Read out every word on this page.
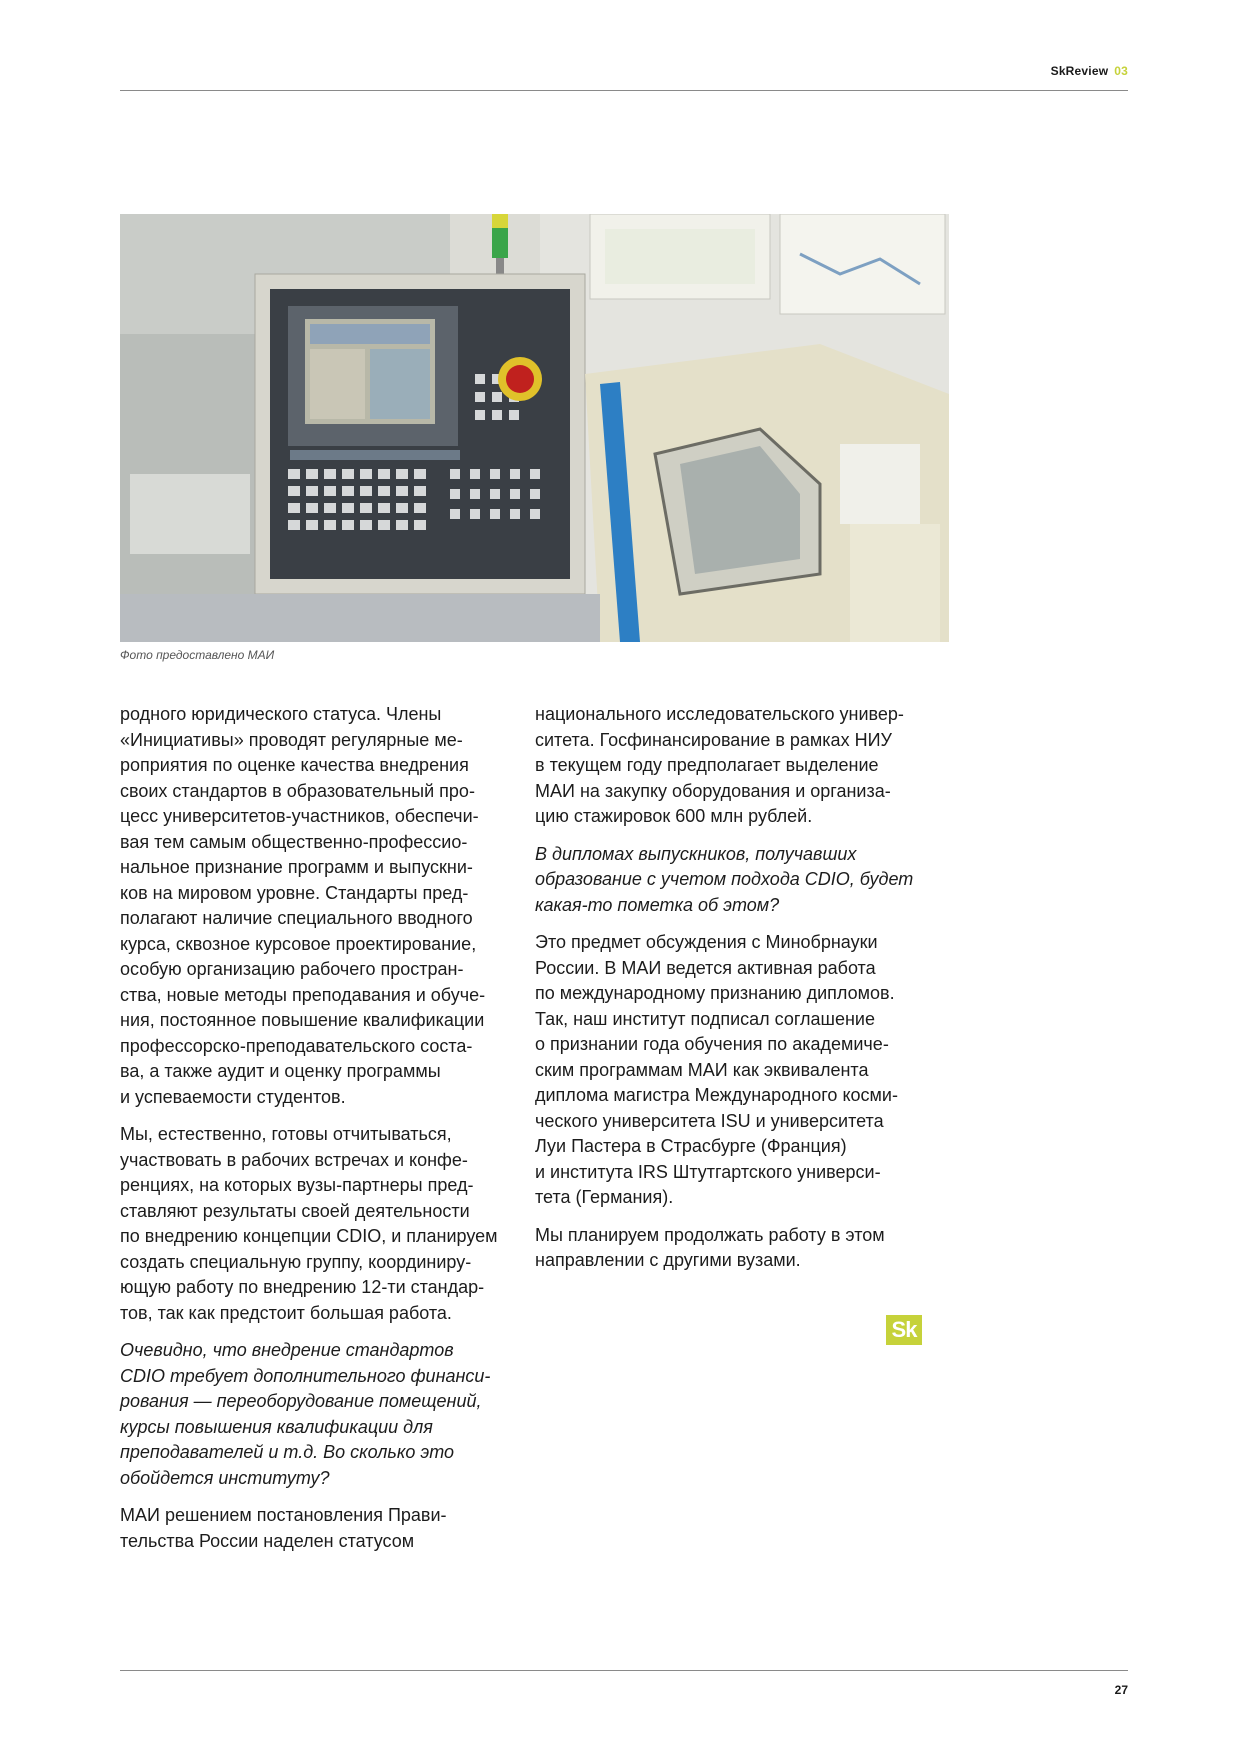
SkReview 03
Фото предоставлено МАИ

родного юридического статуса. Члены
«Инициативы» проводят регулярные ме-
роприятия по оценке качества внедрения
своих стандартов в образовательный про-
цесс университетов-участников, обеспечи-
вая тем самым общественно-профессио-
нальное признание программ и выпускни-
ков на мировом уровне. Стандарты пред-
полагают наличие специального вводного
курса, сквозное курсовое проектирование,
особую организацию рабочего простран-
ства, новые методы преподавания и обуче-
ния, постоянное повышение квалификации
профессорско-преподавательского соста-
ва, а также аудит и оценку программы
и успеваемости студентов.

Мы, естественно, готовы отчитываться,
участвовать в рабочих встречах и конфе-
ренциях, на которых вузы-партнеры пред-
ставляют результаты своей деятельности
по внедрению концепции CDIO, и планируем
создать специальную группу, координиру-
ющую работу по внедрению 12-ти стандар-
тов, так как предстоит большая работа.

Очевидно, что внедрение стандартов
CDIO требует дополнительного финанси-
рования — переоборудование помещений,
курсы повышения квалификации для
преподавателей и т.д. Во сколько это
обойдется институту?

МАИ решением постановления Прави-
тельства России наделен статусом

национального исследовательского универ-
ситета. Госфинансирование в рамках НИУ
в текущем году предполагает выделение
МАИ на закупку оборудования и организа-
цию стажировок 600 млн рублей.

В дипломах выпускников, получавших
образование с учетом подхода CDIO, будет
какая-то пометка об этом?

Это предмет обсуждения с Минобрнауки
России. В МАИ ведется активная работа
по международному признанию дипломов.
Так, наш институт подписал соглашение
о признании года обучения по академиче-
ским программам МАИ как эквивалента
диплома магистра Международного косми-
ческого университета ISU и университета
Луи Пастера в Страсбурге (Франция)
и института IRS Штутгартского универси-
тета (Германия).

Мы планируем продолжать работу в этом
направлении с другими вузами.

Sk
27
